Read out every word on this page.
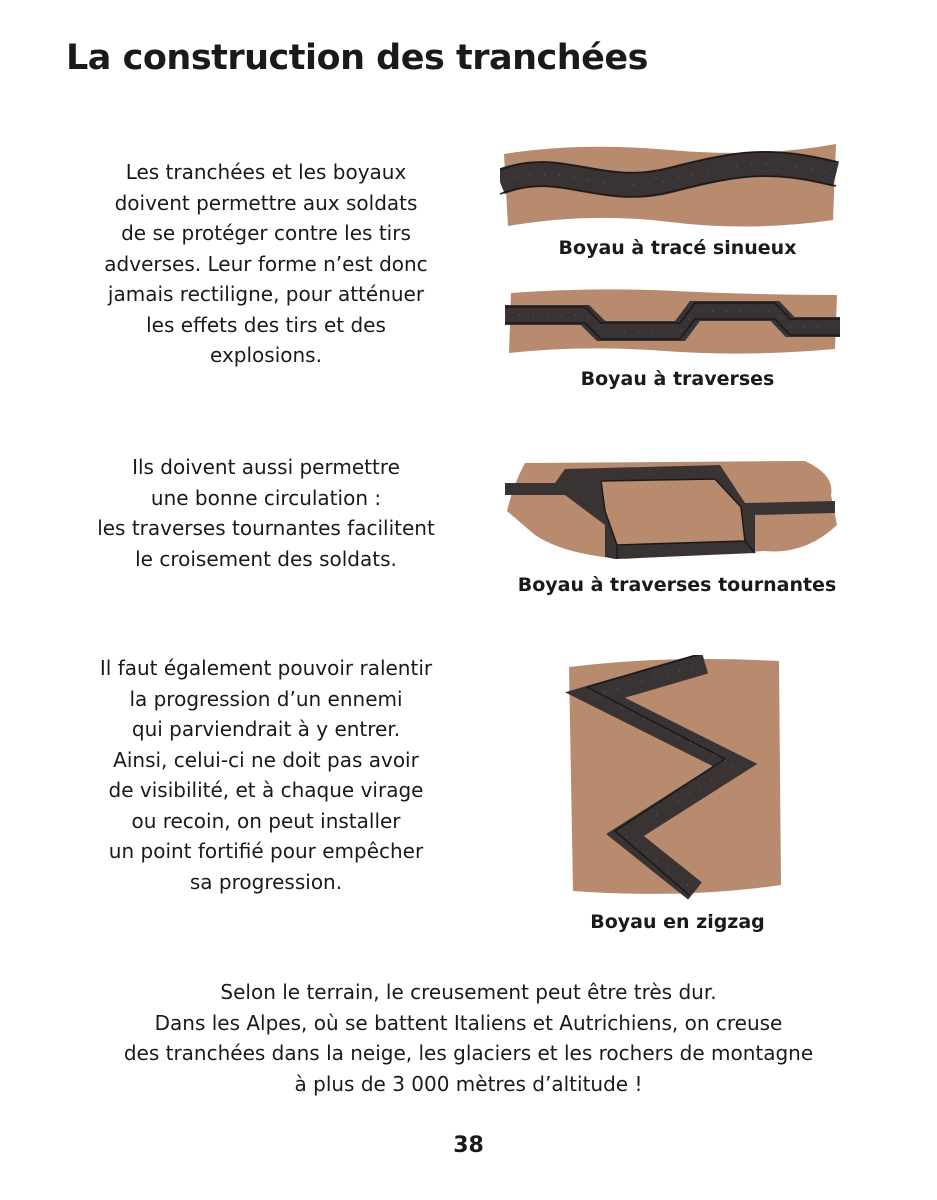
La construction des tranchées
Les tranchées et les boyaux
doivent permettre aux soldats
de se protéger contre les tirs
adverses. Leur forme n’est donc
jamais rectiligne, pour atténuer
les effets des tirs et des
explosions.
Ils doivent aussi permettre
une bonne circulation :
les traverses tournantes facilitent
le croisement des soldats.
Il faut également pouvoir ralentir
la progression d’un ennemi
qui parviendrait à y entrer.
Ainsi, celui-ci ne doit pas avoir
de visibilité, et à chaque virage
ou recoin, on peut installer
un point fortifié pour empêcher
sa progression.
Selon le terrain, le creusement peut être très dur.
Dans les Alpes, où se battent Italiens et Autrichiens, on creuse
des tranchées dans la neige, les glaciers et les rochers de montagne
à plus de 3 000 mètres d’altitude !
Boyau à tracé sinueux
Boyau à traverses
Boyau à traverses tournantes
Boyau en zigzag
38
